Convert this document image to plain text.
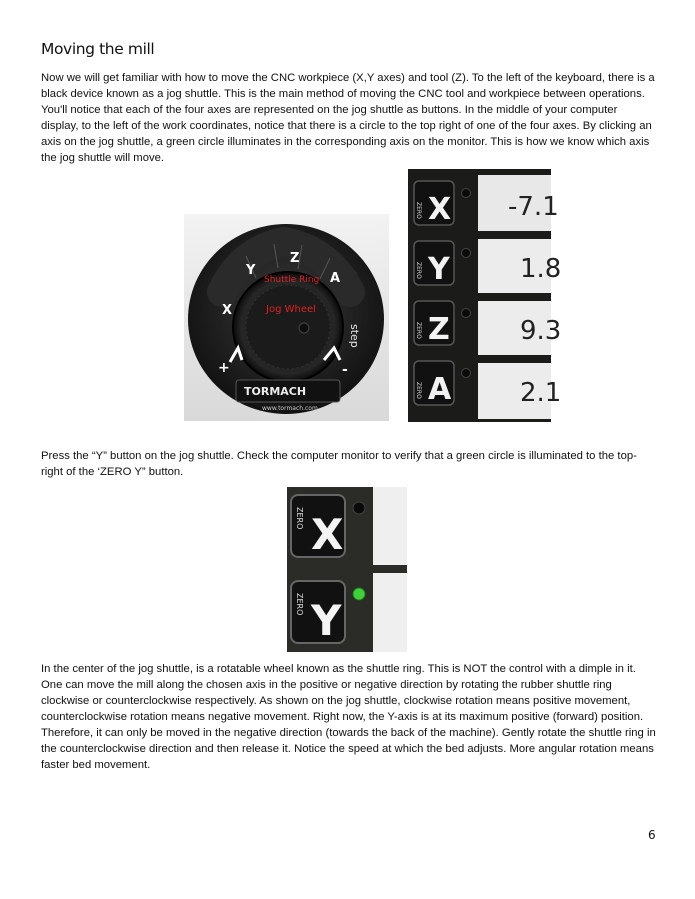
Moving the mill

Now we will get familiar with how to move the CNC workpiece (X,Y axes) and tool (Z). To the left of the keyboard, there is a black device known as a jog shuttle. This is the main method of moving the CNC tool and workpiece between operations. You'll notice that each of the four axes are represented on the jog shuttle as buttons. In the middle of your computer display, to the left of the work coordinates, notice that there is a circle to the top right of one of the four axes. By clicking an axis on the jog shuttle, a green circle illuminates in the corresponding axis on the monitor. This is how we know which axis the jog shuttle will move.

step
+	-
X
Y
Z
A
Shuttle Ring
Jog Wheel
TORMACH
www.tormach.com
ZERO X -7.1
ZERO Y	1.8
ZERO Z	9.3
ZERO A	2.1

Press the “Y” button on the jog shuttle. Check the computer monitor to verify that a green circle is illuminated to the top-right of the ‘ZERO Y” button.

ZERO X
ZERO Y

In the center of the jog shuttle, is a rotatable wheel known as the shuttle ring. This is NOT the control with a dimple in it. One can move the mill along the chosen axis in the positive or negative direction by rotating the rubber shuttle ring clockwise or counterclockwise respectively. As shown on the jog shuttle, clockwise rotation means positive movement, counterclockwise rotation means negative movement. Right now, the Y-axis is at its maximum positive (forward) position. Therefore, it can only be moved in the negative direction (towards the back of the machine). Gently rotate the shuttle ring in the counterclockwise direction and then release it. Notice the speed at which the bed adjusts. More angular rotation means faster bed movement.

6
